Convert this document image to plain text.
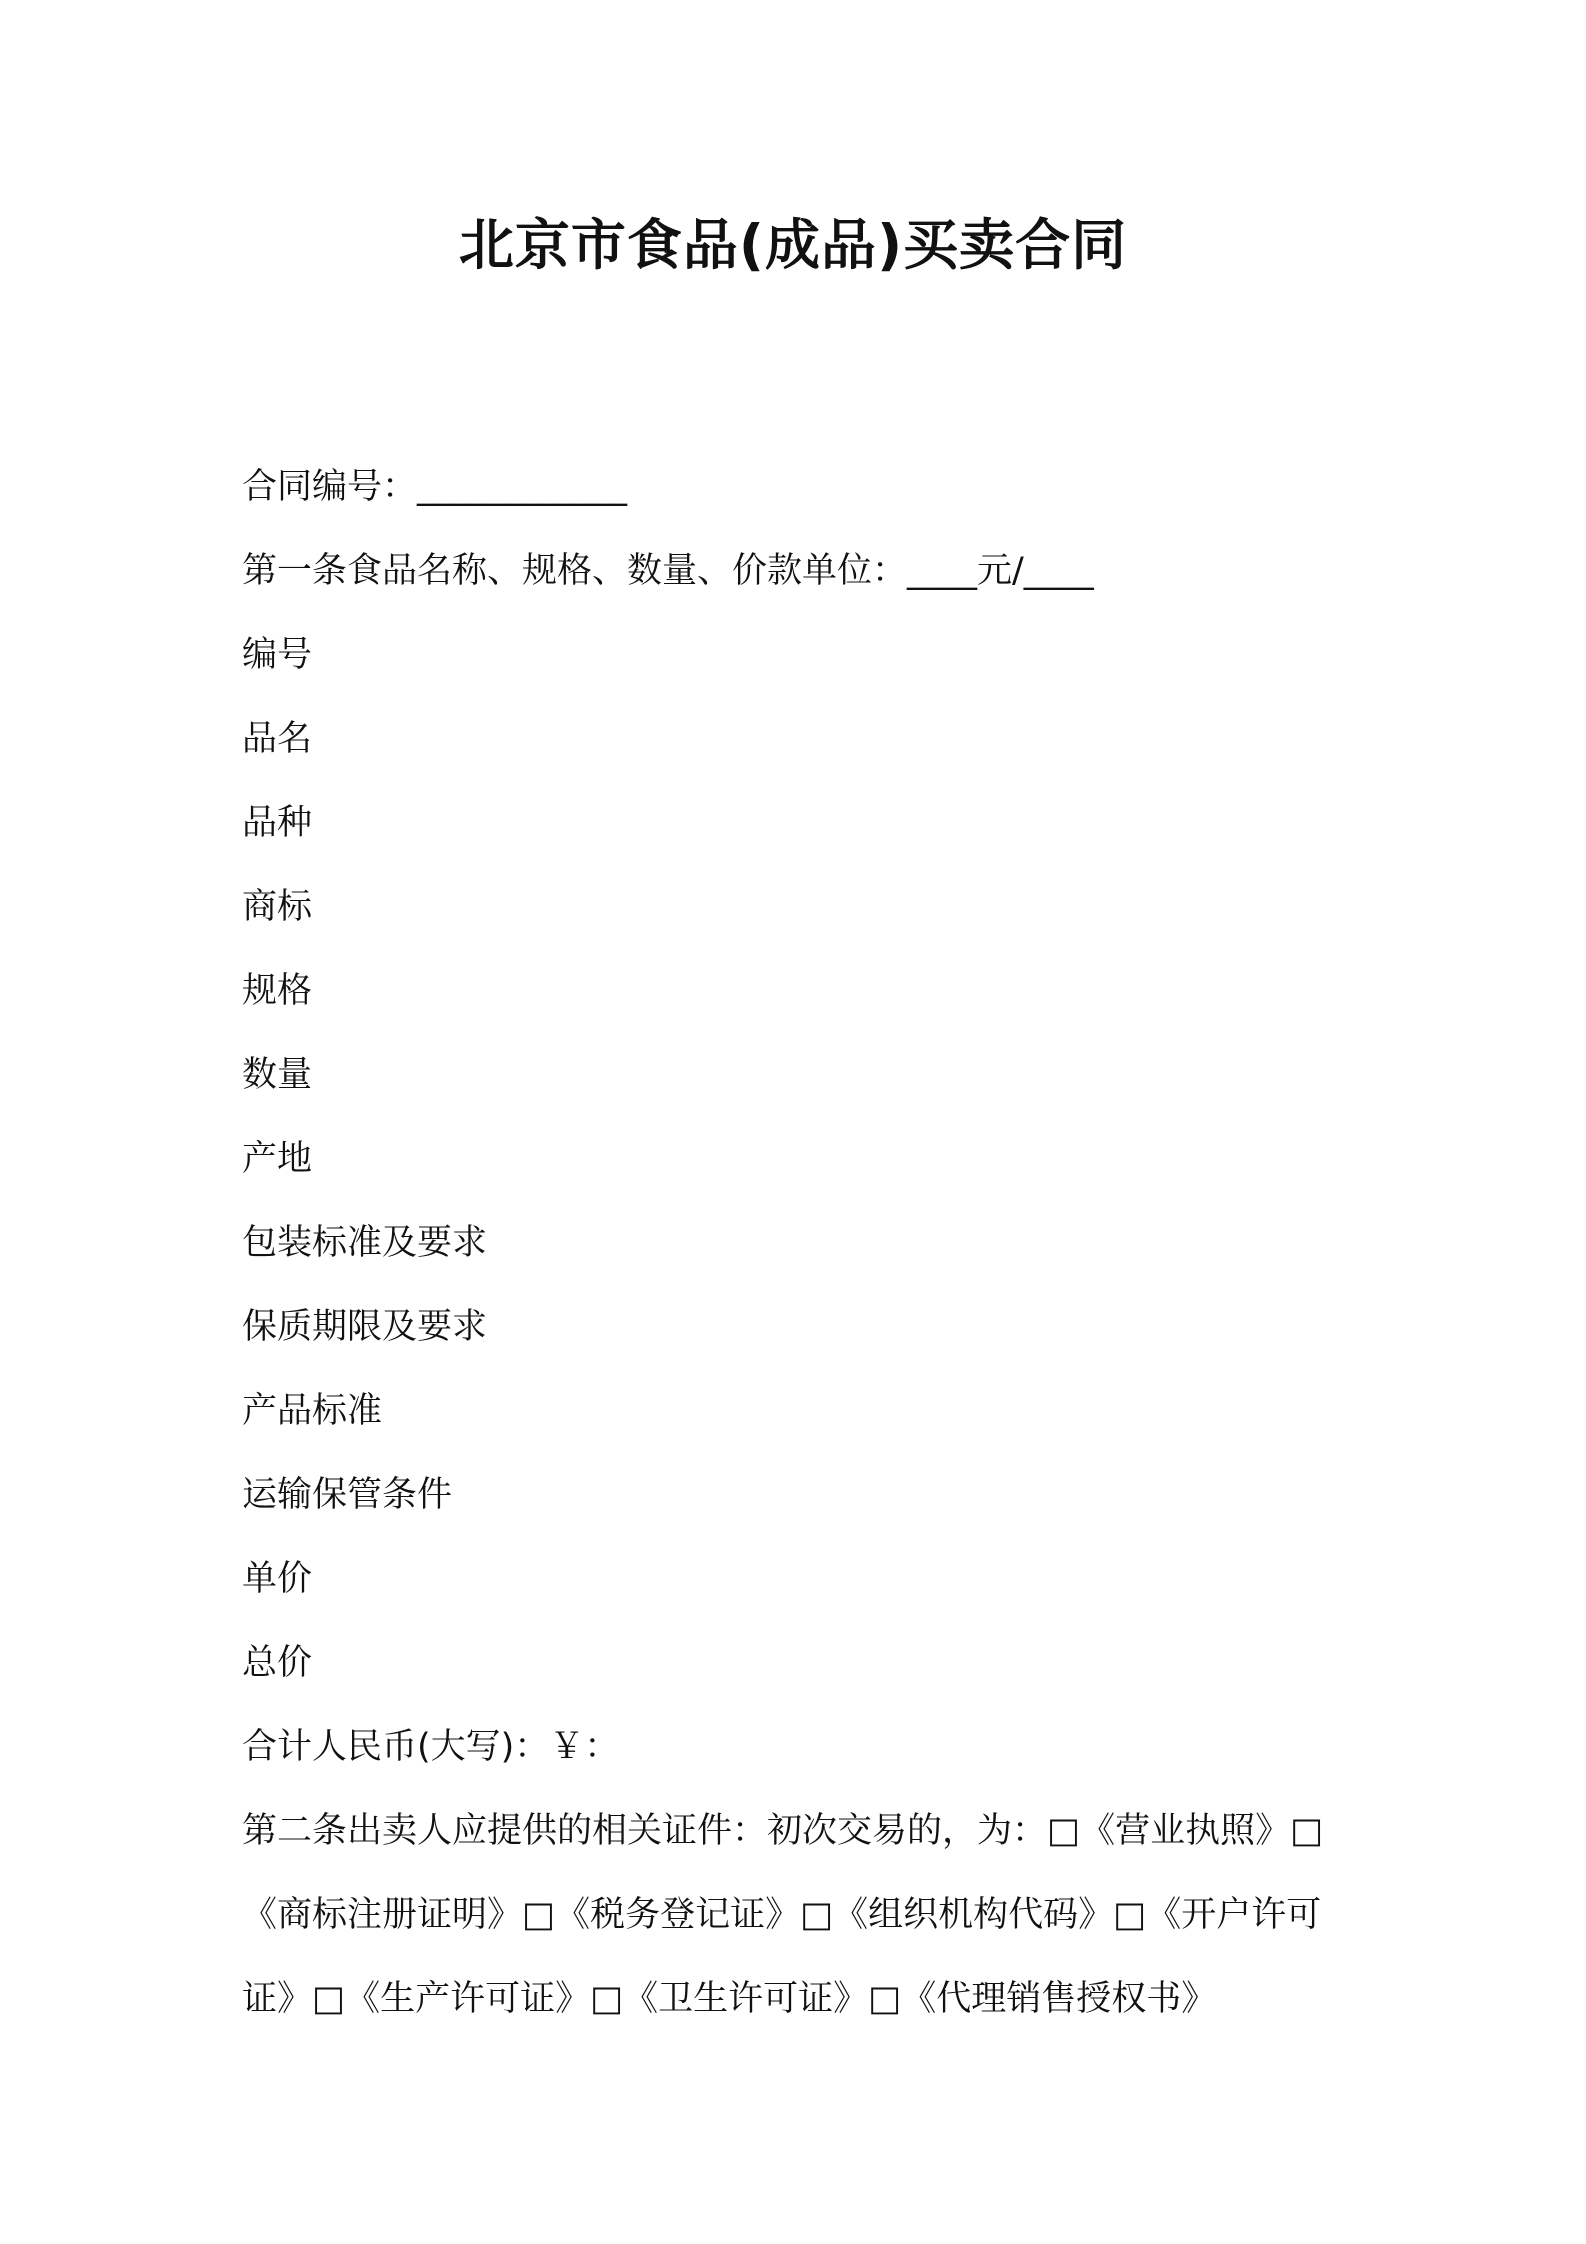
北京市食品(成品)买卖合同
合同编号：____________
第一条食品名称、规格、数量、价款单位：____元/____
编号
品名
品种
商标
规格
数量
产地
包装标准及要求
保质期限及要求
产品标准
运输保管条件
单价
总价
合计人民币(大写)：￥：
第二条出卖人应提供的相关证件：初次交易的，为：□《营业执照》□《商标注册证明》□《税务登记证》□《组织机构代码》□《开户许可证》□《生产许可证》□《卫生许可证》□《代理销售授权书》
